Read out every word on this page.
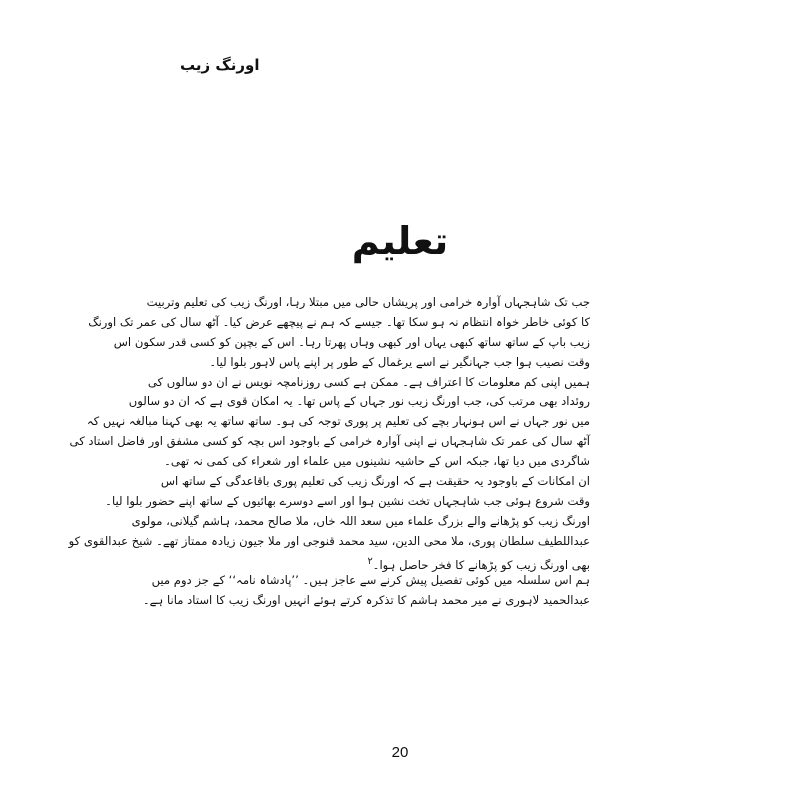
اورنگ زیب
تعلیم
جب تک شاہجہاں آوارہ خرامی اور پریشاں حالی میں مبتلا رہا، اورنگ زیب کی تعلیم وتربیت
کا کوئی خاطر خواہ انتظام نہ ہو سکا تھا۔ جیسے کہ ہم نے پیچھے عرض کیا۔ آٹھ سال کی عمر تک اورنگ
زیب باپ کے ساتھ ساتھ کبھی یہاں اور کبھی وہاں پھرتا رہا۔ اس کے بچپن کو کسی قدر سکون اس
وقت نصیب ہوا جب جہانگیر نے اسے یرغمال کے طور پر اپنے پاس لاہور بلوا لیا۔
ہمیں اپنی کم معلومات کا اعتراف ہے۔ ممکن ہے کسی روزنامچہ نویس نے ان دو سالوں کی
روئداد بھی مرتب کی، جب اورنگ زیب نور جہاں کے پاس تھا۔ یہ امکان قوی ہے کہ ان دو سالوں
میں نور جہاں نے اس ہونہار بچے کی تعلیم پر پوری توجہ کی ہو۔ ساتھ ساتھ یہ بھی کہنا مبالغہ نہیں کہ
آٹھ سال کی عمر تک شاہجہاں نے اپنی آوارہ خرامی کے باوجود اس بچہ کو کسی مشفق اور فاضل استاد کی
شاگردی میں دیا تھا، جبکہ اس کے حاشیہ نشینوں میں علماء اور شعراء کی کمی نہ تھی۔
ان امکانات کے باوجود یہ حقیقت ہے کہ اورنگ زیب کی تعلیم پوری باقاعدگی کے ساتھ اس
وقت شروع ہوئی جب شاہجہاں تخت نشین ہوا اور اسے دوسرے بھائیوں کے ساتھ اپنے حضور بلوا لیا۔
اورنگ زیب کو پڑھانے والے بزرگ علماء میں سعد اللہ خاں، ملا صالح محمد، ہاشم گیلانی، مولوی
عبداللطیف سلطان پوری، ملا محی الدین، سید محمد قنوجی اور ملا جیون زیادہ ممتاز تھے۔ شیخ عبدالقوی کو
بھی اورنگ زیب کو پڑھانے کا فخر حاصل ہوا۔$^۲$
ہم اس سلسلہ میں کوئی تفصیل پیش کرنے سے عاجز ہیں۔ ’’پادشاہ نامہ‘‘ کے جز دوم میں
عبدالحمید لاہوری نے میر محمد ہاشم کا تذکرہ کرتے ہوئے انہیں اورنگ زیب کا استاد مانا ہے۔
20
